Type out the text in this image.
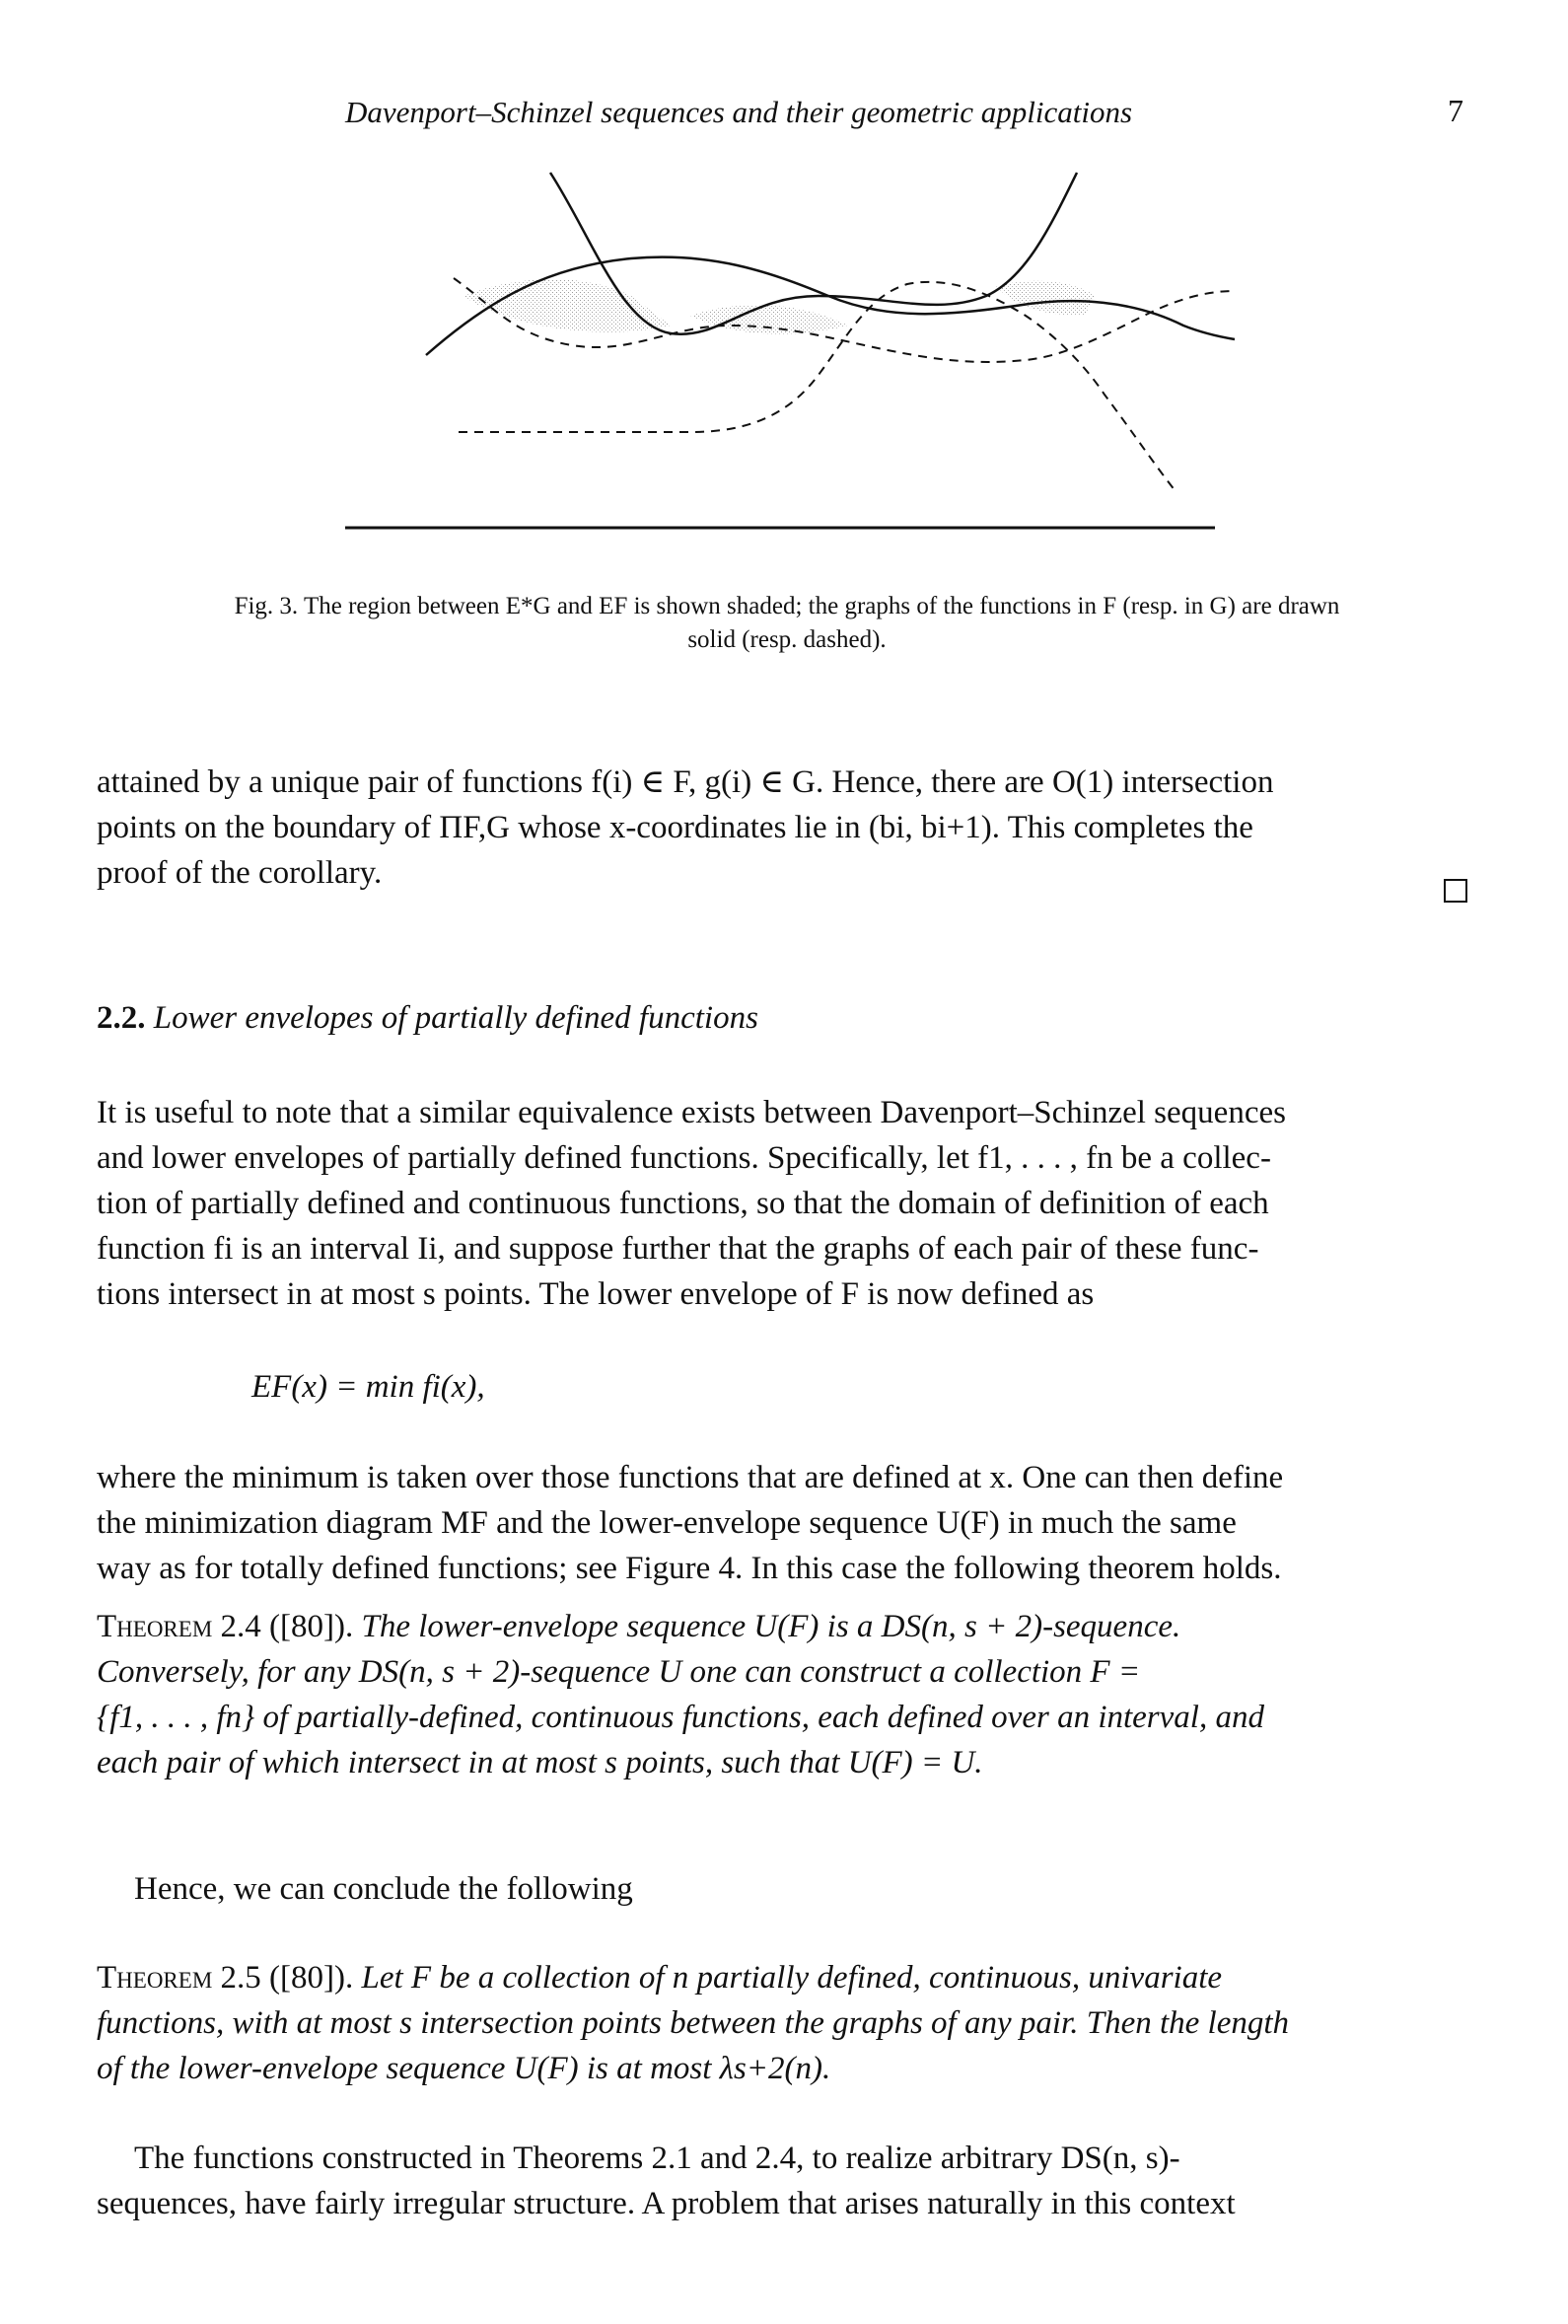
Davenport–Schinzel sequences and their geometric applications	7
Fig. 3. The region between E*G and EF is shown shaded; the graphs of the functions in F (resp. in G) are drawn
solid (resp. dashed).
attained by a unique pair of functions f(i) ∈ F, g(i) ∈ G. Hence, there are O(1) intersection
points on the boundary of ΠF,G whose x-coordinates lie in (bi, bi+1). This completes the
proof of the corollary.
2.2. Lower envelopes of partially defined functions
It is useful to note that a similar equivalence exists between Davenport–Schinzel sequences
and lower envelopes of partially defined functions. Specifically, let f1, . . . , fn be a collec-
tion of partially defined and continuous functions, so that the domain of definition of each
function fi is an interval Ii, and suppose further that the graphs of each pair of these func-
tions intersect in at most s points. The lower envelope of F is now defined as
EF(x) = min fi(x),
where the minimum is taken over those functions that are defined at x. One can then define
the minimization diagram MF and the lower-envelope sequence U(F) in much the same
way as for totally defined functions; see Figure 4. In this case the following theorem holds.
Theorem 2.4 ([80]). The lower-envelope sequence U(F) is a DS(n, s + 2)-sequence.
Conversely, for any DS(n, s + 2)-sequence U one can construct a collection F =
{f1, . . . , fn} of partially-defined, continuous functions, each defined over an interval, and
each pair of which intersect in at most s points, such that U(F) = U.
Hence, we can conclude the following
Theorem 2.5 ([80]). Let F be a collection of n partially defined, continuous, univariate
functions, with at most s intersection points between the graphs of any pair. Then the length
of the lower-envelope sequence U(F) is at most λs+2(n).
The functions constructed in Theorems 2.1 and 2.4, to realize arbitrary DS(n, s)-
sequences, have fairly irregular structure. A problem that arises naturally in this context
